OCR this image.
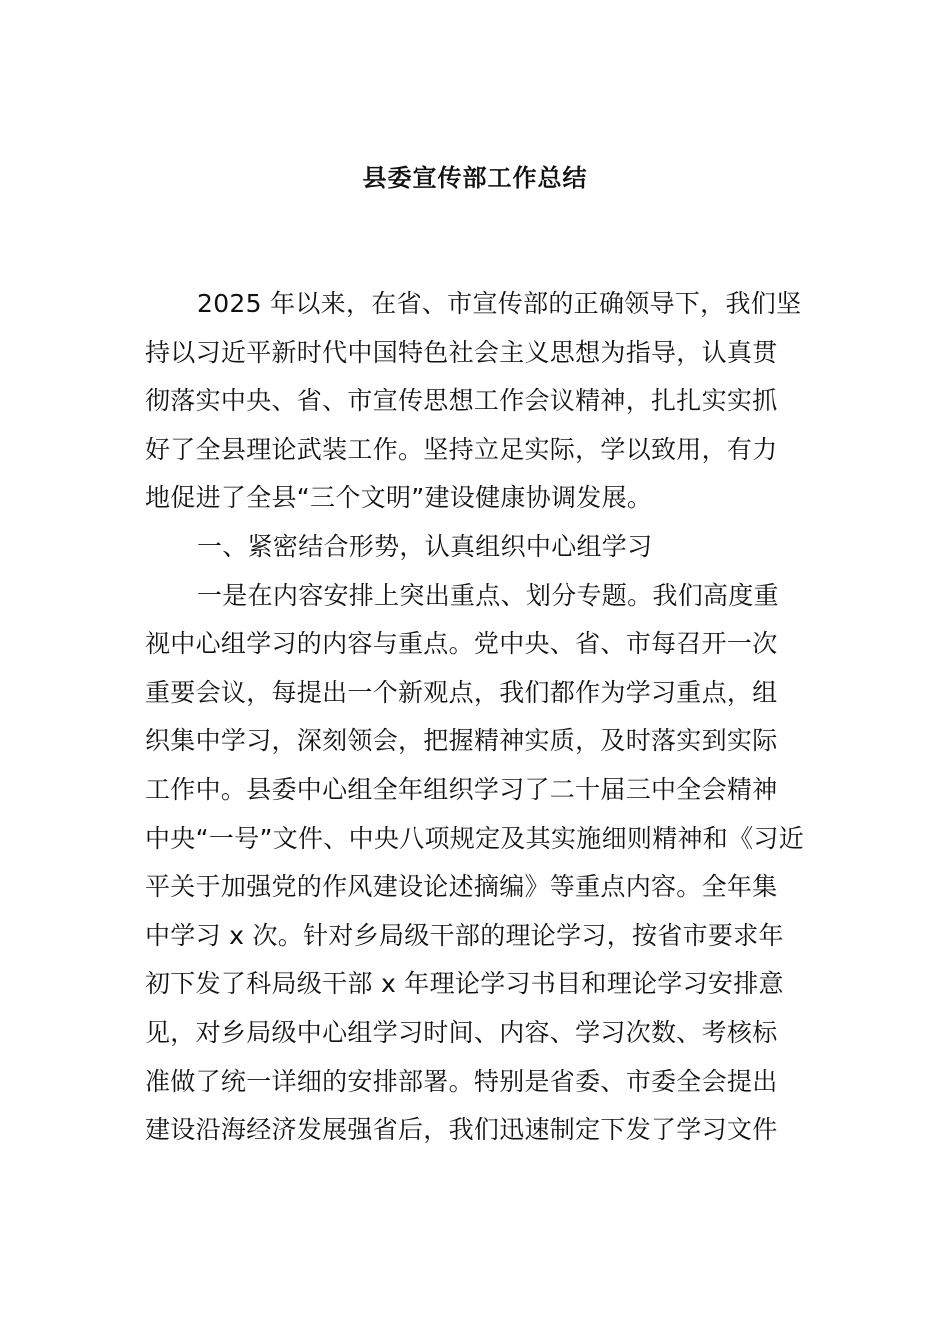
县委宣传部工作总结
2025 年以来，在省、市宣传部的正确领导下，我们坚
持以习近平新时代中国特色社会主义思想为指导，认真贯
彻落实中央、省、市宣传思想工作会议精神，扎扎实实抓
好了全县理论武装工作。坚持立足实际，学以致用，有力
地促进了全县“三个文明”建设健康协调发展。
一、紧密结合形势，认真组织中心组学习
一是在内容安排上突出重点、划分专题。我们高度重
视中心组学习的内容与重点。党中央、省、市每召开一次
重要会议，每提出一个新观点，我们都作为学习重点，组
织集中学习，深刻领会，把握精神实质，及时落实到实际
工作中。县委中心组全年组织学习了二十届三中全会精神
中央“一号”文件、中央八项规定及其实施细则精神和《习近
平关于加强党的作风建设论述摘编》等重点内容。全年集
中学习 x 次。针对乡局级干部的理论学习，按省市要求年
初下发了科局级干部 x 年理论学习书目和理论学习安排意
见，对乡局级中心组学习时间、内容、学习次数、考核标
准做了统一详细的安排部署。特别是省委、市委全会提出
建设沿海经济发展强省后，我们迅速制定下发了学习文件
